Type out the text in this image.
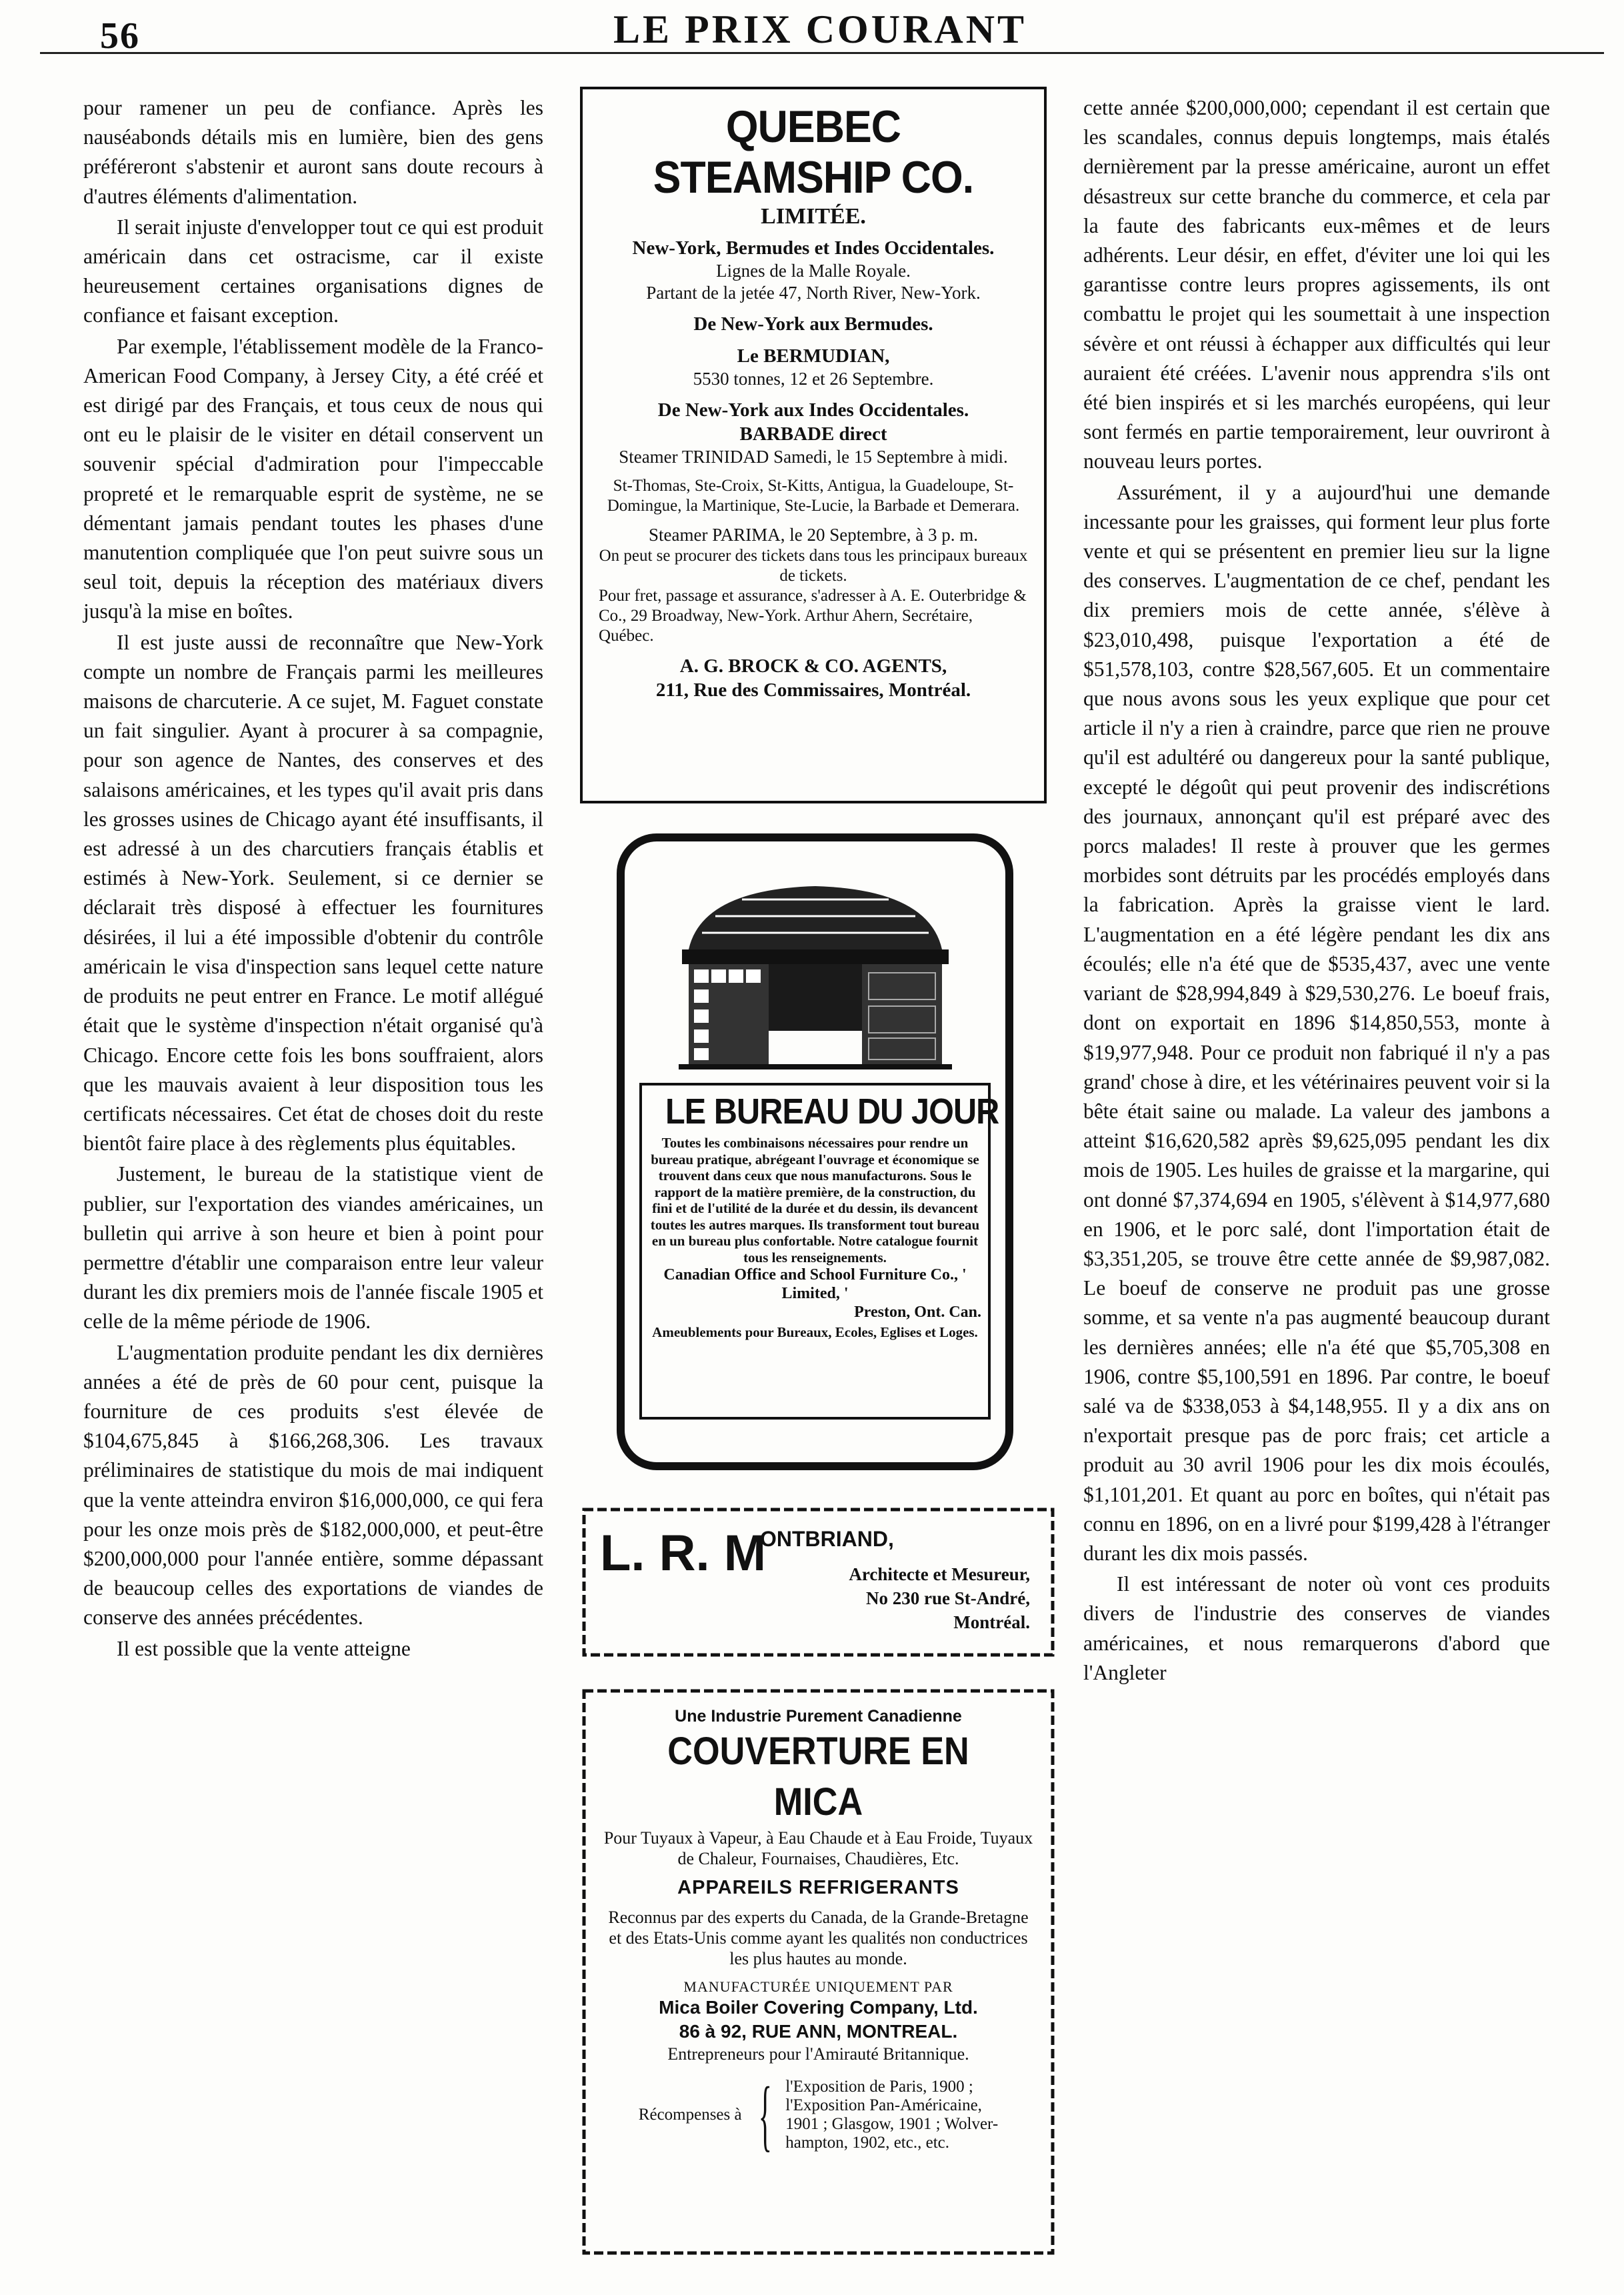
56	LE PRIX COURANT

pour ramener un peu de confiance. Après les nauséabonds détails mis en lumière, bien des gens préféreront s'abstenir et auront sans doute recours à d'autres éléments d'alimentation.

Il serait injuste d'envelopper tout ce qui est produit américain dans cet ostracisme, car il existe heureusement certaines organisations dignes de confiance et faisant exception.

Par exemple, l'établissement modèle de la Franco-American Food Company, à Jersey City, a été créé et est dirigé par des Français, et tous ceux de nous qui ont eu le plaisir de le visiter en détail conservent un souvenir spécial d'admiration pour l'impeccable propreté et le remarquable esprit de système, ne se démentant jamais pendant toutes les phases d'une manutention compliquée que l'on peut suivre sous un seul toit, depuis la réception des matériaux divers jusqu'à la mise en boîtes.

Il est juste aussi de reconnaître que New-York compte un nombre de Français parmi les meilleures maisons de charcuterie. A ce sujet, M. Faguet constate un fait singulier. Ayant à procurer à sa compagnie, pour son agence de Nantes, des conserves et des salaisons américaines, et les types qu'il avait pris dans les grosses usines de Chicago ayant été insuffisants, il est adressé à un des charcutiers français établis et estimés à New-York. Seulement, si ce dernier se déclarait très disposé à effectuer les fournitures désirées, il lui a été impossible d'obtenir du contrôle américain le visa d'inspection sans lequel cette nature de produits ne peut entrer en France. Le motif allégué était que le système d'inspection n'était organisé qu'à Chicago. Encore cette fois les bons souffraient, alors que les mauvais avaient à leur disposition tous les certificats nécessaires. Cet état de choses doit du reste bientôt faire place à des règlements plus équitables.

Justement, le bureau de la statistique vient de publier, sur l'exportation des viandes américaines, un bulletin qui arrive à son heure et bien à point pour permettre d'établir une comparaison entre leur valeur durant les dix premiers mois de l'année fiscale 1905 et celle de la même période de 1906.

L'augmentation produite pendant les dix dernières années a été de près de 60 pour cent, puisque la fourniture de ces produits s'est élevée de $104,675,845 à $166,268,306. Les travaux préliminaires de statistique du mois de mai indiquent que la vente atteindra environ $16,000,000, ce qui fera pour les onze mois près de $182,000,000, et peut-être $200,000,000 pour l'année entière, somme dépassant de beaucoup celles des exportations de viandes de conserve des années précédentes.

Il est possible que la vente atteigne

QUEBEC STEAMSHIP CO.
LIMITÉE.
New-York, Bermudes et Indes Occidentales.
Lignes de la Malle Royale.
Partant de la jetée 47, North River, New-York.
De New-York aux Bermudes.
Le BERMUDIAN,
5530 tonnes, 12 et 26 Septembre.
De New-York aux Indes Occidentales.
BARBADE direct
Steamer TRINIDAD Samedi, le 15 Septembre à midi.
St-Thomas, Ste-Croix, St-Kitts, Antigua, la Guadeloupe, St-Domingue, la Martinique, Ste-Lucie, la Barbade et Demerara.
Steamer PARIMA, le 20 Septembre, à 3 p. m.
On peut se procurer des tickets dans tous les principaux bureaux de tickets.
Pour fret, passage et assurance, s'adresser à A. E. Outerbridge & Co., 29 Broadway, New-York. Arthur Ahern, Secrétaire, Québec.
A. G. BROCK & CO. AGENTS,
211, Rue des Commissaires, Montréal.
LE BUREAU DU JOUR
Toutes les combinaisons nécessaires pour rendre un bureau pratique, abrégeant l'ouvrage et économique se trouvent dans ceux que nous manufacturons. Sous le rapport de la matière première, de la construction, du fini et de l'utilité de la durée et du dessin, ils devancent toutes les autres marques. Ils transforment tout bureau en un bureau plus confortable. Notre catalogue fournit tous les renseignements.
Canadian Office and School Furniture Co., ' Limited, '
Preston, Ont. Can.
Ameublements pour Bureaux, Ecoles, Eglises et Loges.
L. R. M
ONTBRIAND,
Architecte et Mesureur,
No 230 rue St-André,
Montréal.
Une Industrie Purement Canadienne
COUVERTURE EN MICA
Pour Tuyaux à Vapeur, à Eau Chaude et à Eau Froide, Tuyaux de Chaleur, Fournaises, Chaudières, Etc.
APPAREILS REFRIGERANTS
Reconnus par des experts du Canada, de la Grande-Bretagne et des Etats-Unis comme ayant les qualités non conductrices les plus hautes au monde.
MANUFACTURÉE UNIQUEMENT PAR
Mica Boiler Covering Company, Ltd.
86 à 92, RUE ANN, MONTREAL.
Entrepreneurs pour l'Amirauté Britannique.
Récompenses à { l'Exposition de Paris, 1900 ;
l'Exposition Pan-Américaine,
1901 ; Glasgow, 1901 ; Wolver-
hampton, 1902, etc., etc.

cette année $200,000,000; cependant il est certain que les scandales, connus depuis longtemps, mais étalés dernièrement par la presse américaine, auront un effet désastreux sur cette branche du commerce, et cela par la faute des fabricants eux-mêmes et de leurs adhérents. Leur désir, en effet, d'éviter une loi qui les garantisse contre leurs propres agissements, ils ont combattu le projet qui les soumettait à une inspection sévère et ont réussi à échapper aux difficultés qui leur auraient été créées. L'avenir nous apprendra s'ils ont été bien inspirés et si les marchés européens, qui leur sont fermés en partie temporairement, leur ouvriront à nouveau leurs portes.

Assurément, il y a aujourd'hui une demande incessante pour les graisses, qui forment leur plus forte vente et qui se présentent en premier lieu sur la ligne des conserves. L'augmentation de ce chef, pendant les dix premiers mois de cette année, s'élève à $23,010,498, puisque l'exportation a été de $51,578,103, contre $28,567,605. Et un commentaire que nous avons sous les yeux explique que pour cet article il n'y a rien à craindre, parce que rien ne prouve qu'il est adultéré ou dangereux pour la santé publique, excepté le dégoût qui peut provenir des indiscrétions des journaux, annonçant qu'il est préparé avec des porcs malades! Il reste à prouver que les germes morbides sont détruits par les procédés employés dans la fabrication. Après la graisse vient le lard. L'augmentation en a été légère pendant les dix ans écoulés; elle n'a été que de $535,437, avec une vente variant de $28,994,849 à $29,530,276. Le boeuf frais, dont on exportait en 1896 $14,850,553, monte à $19,977,948. Pour ce produit non fabriqué il n'y a pas grand' chose à dire, et les vétérinaires peuvent voir si la bête était saine ou malade. La valeur des jambons a atteint $16,620,582 après $9,625,095 pendant les dix mois de 1905. Les huiles de graisse et la margarine, qui ont donné $7,374,694 en 1905, s'élèvent à $14,977,680 en 1906, et le porc salé, dont l'importation était de $3,351,205, se trouve être cette année de $9,987,082. Le boeuf de conserve ne produit pas une grosse somme, et sa vente n'a pas augmenté beaucoup durant les dernières années; elle n'a été que $5,705,308 en 1906, contre $5,100,591 en 1896. Par contre, le boeuf salé va de $338,053 à $4,148,955. Il y a dix ans on n'exportait presque pas de porc frais; cet article a produit au 30 avril 1906 pour les dix mois écoulés, $1,101,201. Et quant au porc en boîtes, qui n'était pas connu en 1896, on en a livré pour $199,428 à l'étranger durant les dix mois passés.

Il est intéressant de noter où vont ces produits divers de l'industrie des conserves de viandes américaines, et nous remarquerons d'abord que l'Angleter
